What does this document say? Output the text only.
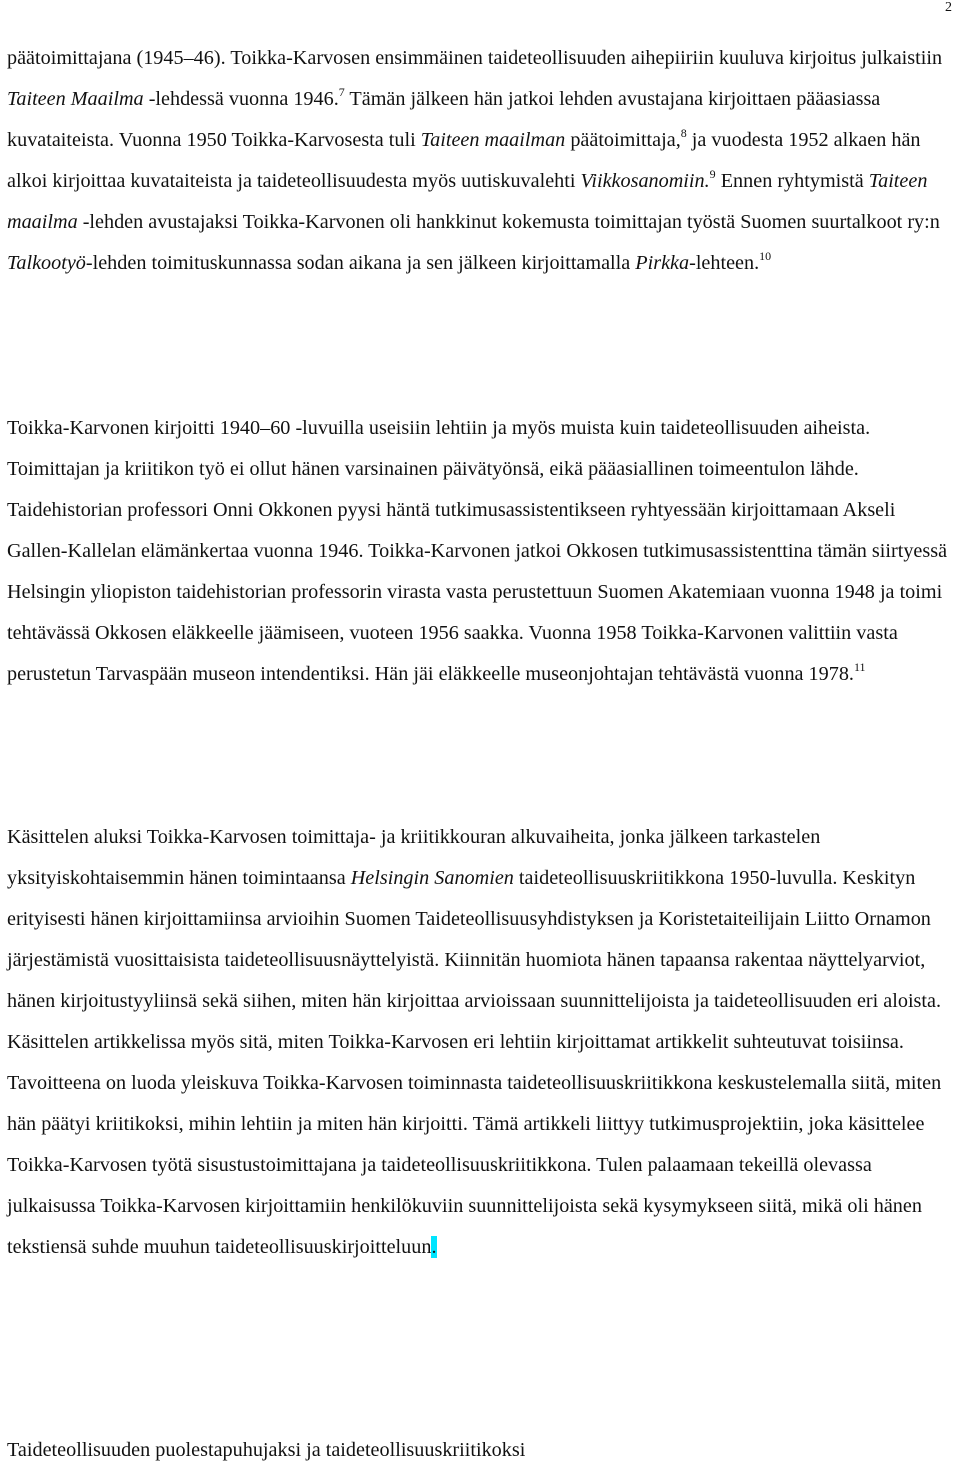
2

päätoimittajana (1945–46). Toikka-Karvosen ensimmäinen taideteollisuuden aihepiiriin kuuluva kirjoitus julkaistiin Taiteen Maailma -lehdessä vuonna 1946.$^7$ Tämän jälkeen hän jatkoi lehden avustajana kirjoittaen pääasiassa kuvataiteista. Vuonna 1950 Toikka-Karvosesta tuli Taiteen maailman päätoimittaja,$^8$ ja vuodesta 1952 alkaen hän alkoi kirjoittaa kuvataiteista ja taideteollisuudesta myös uutiskuvalehti Viikkosanomiin.$^9$ Ennen ryhtymistä Taiteen maailma -lehden avustajaksi Toikka-Karvonen oli hankkinut kokemusta toimittajan työstä Suomen suurtalkoot ry:n Talkootyö-lehden toimituskunnassa sodan aikana ja sen jälkeen kirjoittamalla Pirkka-lehteen.$^{10}$

Toikka-Karvonen kirjoitti 1940–60 -luvuilla useisiin lehtiin ja myös muista kuin taideteollisuuden aiheista. Toimittajan ja kriitikon työ ei ollut hänen varsinainen päivätyönsä, eikä pääasiallinen toimeentulon lähde. Taidehistorian professori Onni Okkonen pyysi häntä tutkimusassistentikseen ryhtyessään kirjoittamaan Akseli Gallen-Kallelan elämänkertaa vuonna 1946. Toikka-Karvonen jatkoi Okkosen tutkimusassistenttina tämän siirtyessä Helsingin yliopiston taidehistorian professorin virasta vasta perustettuun Suomen Akatemiaan vuonna 1948 ja toimi tehtävässä Okkosen eläkkeelle jäämiseen, vuoteen 1956 saakka. Vuonna 1958 Toikka-Karvonen valittiin vasta perustetun Tarvaspään museon intendentiksi. Hän jäi eläkkeelle museonjohtajan tehtävästä vuonna 1978.11

Käsittelen aluksi Toikka-Karvosen toimittaja- ja kriitikkouran alkuvaiheita, jonka jälkeen tarkastelen yksityiskohtaisemmin hänen toimintaansa Helsingin Sanomien taideteollisuuskriitikkona 1950-luvulla. Keskityn erityisesti hänen kirjoittamiinsa arvioihin Suomen Taideteollisuusyhdistyksen ja Koristetaiteilijain Liitto Ornamon järjestämistä vuosittaisista taideteollisuusnäyttelyistä. Kiinnitän huomiota hänen tapaansa rakentaa näyttelyarviot, hänen kirjoitustyyliinsä sekä siihen, miten hän kirjoittaa arvioissaan suunnittelijoista ja taideteollisuuden eri aloista. Käsittelen artikkelissa myös sitä, miten Toikka-Karvosen eri lehtiin kirjoittamat artikkelit suhteutuvat toisiinsa. Tavoitteena on luoda yleiskuva Toikka-Karvosen toiminnasta taideteollisuuskriitikkona keskustelemalla siitä, miten hän päätyi kriitikoksi, mihin lehtiin ja miten hän kirjoitti. Tämä artikkeli liittyy tutkimusprojektiin, joka käsittelee Toikka-Karvosen työtä sisustustoimittajana ja taideteollisuuskriitikkona. Tulen palaamaan tekeillä olevassa julkaisussa Toikka-Karvosen kirjoittamiin henkilökuviin suunnittelijoista sekä kysymykseen siitä, mikä oli hänen tekstiensä suhde muuhun taideteollisuuskirjoitteluun.

Taideteollisuuden puolestapuhujaksi ja taideteollisuuskriitikoksi
